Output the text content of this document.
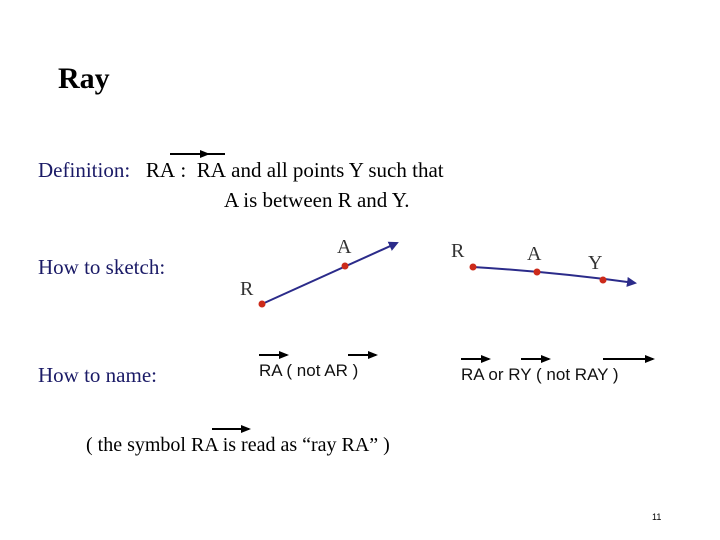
Ray
Definition: RA : RA and all points Y such that
A is between R and Y.
How to sketch:
R
A	R	A Y
How to name:	RA ( not AR )	RA or RY ( not RAY )
( the symbol RA is read as “ray RA” )
11
